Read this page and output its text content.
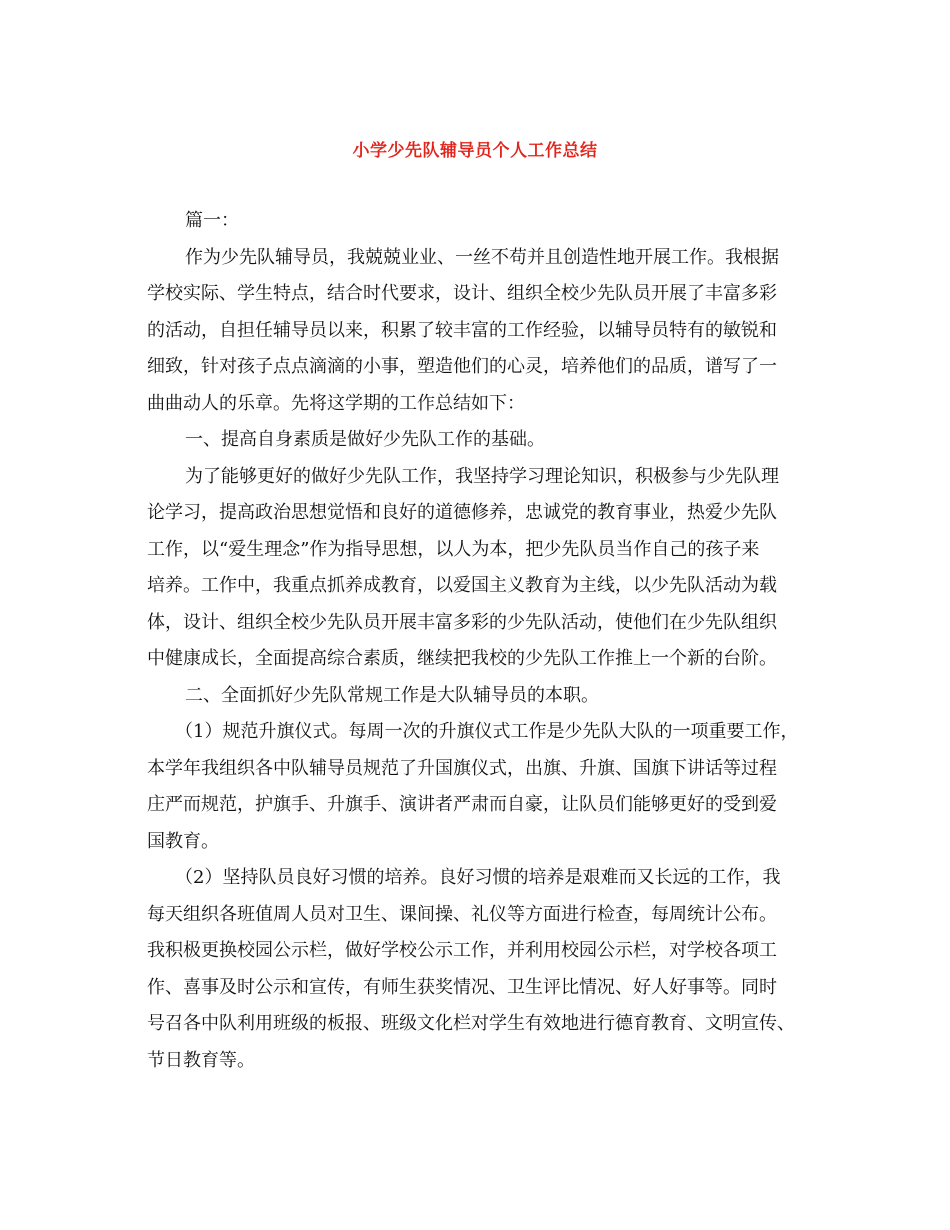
小学少先队辅导员个人工作总结
篇一：
作为少先队辅导员，我兢兢业业、一丝不苟并且创造性地开展工作。我根据
学校实际、学生特点，结合时代要求，设计、组织全校少先队员开展了丰富多彩
的活动，自担任辅导员以来，积累了较丰富的工作经验，以辅导员特有的敏锐和
细致，针对孩子点点滴滴的小事，塑造他们的心灵，培养他们的品质，谱写了一
曲曲动人的乐章。先将这学期的工作总结如下：
一、提高自身素质是做好少先队工作的基础。
为了能够更好的做好少先队工作，我坚持学习理论知识，积极参与少先队理
论学习，提高政治思想觉悟和良好的道德修养，忠诚党的教育事业，热爱少先队
工作，以“爱生理念”作为指导思想，以人为本，把少先队员当作自己的孩子来
培养。工作中，我重点抓养成教育，以爱国主义教育为主线，以少先队活动为载
体，设计、组织全校少先队员开展丰富多彩的少先队活动，使他们在少先队组织
中健康成长，全面提高综合素质，继续把我校的少先队工作推上一个新的台阶。
二、全面抓好少先队常规工作是大队辅导员的本职。
（1）规范升旗仪式。每周一次的升旗仪式工作是少先队大队的一项重要工作，
本学年我组织各中队辅导员规范了升国旗仪式，出旗、升旗、国旗下讲话等过程
庄严而规范，护旗手、升旗手、演讲者严肃而自豪，让队员们能够更好的受到爱
国教育。
（2）坚持队员良好习惯的培养。良好习惯的培养是艰难而又长远的工作，我
每天组织各班值周人员对卫生、课间操、礼仪等方面进行检查，每周统计公布。
我积极更换校园公示栏，做好学校公示工作，并利用校园公示栏，对学校各项工
作、喜事及时公示和宣传，有师生获奖情况、卫生评比情况、好人好事等。同时
号召各中队利用班级的板报、班级文化栏对学生有效地进行德育教育、文明宣传、
节日教育等。
